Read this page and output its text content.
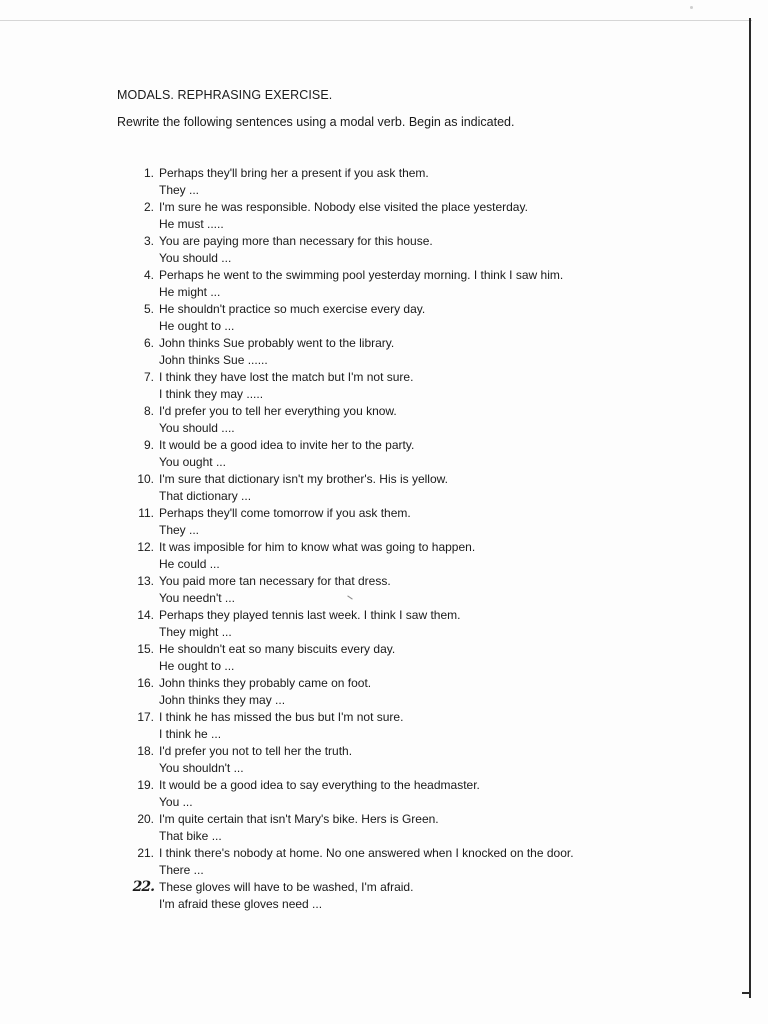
MODALS. REPHRASING EXERCISE.
Rewrite the following sentences using a modal verb. Begin as indicated.
1. Perhaps they'll bring her a present if you ask them.
They ...
2. I'm sure he was responsible. Nobody else visited the place yesterday.
He must .....
3. You are paying more than necessary for this house.
You should ...
4. Perhaps he went to the swimming pool yesterday morning. I think I saw him.
He might ...
5. He shouldn't practice so much exercise every day.
He ought to ...
6. John thinks Sue probably went to the library.
John thinks Sue ......
7. I think they have lost the match but I'm not sure.
I think they may .....
8. I'd prefer you to tell her everything you know.
You should ....
9. It would be a good idea to invite her to the party.
You ought ...
10. I'm sure that dictionary isn't my brother's. His is yellow.
That dictionary ...
11. Perhaps they'll come tomorrow if you ask them.
They ...
12. It was imposible for him to know what was going to happen.
He could ...
13. You paid more tan necessary for that dress.
You needn't ...
14. Perhaps they played tennis last week. I think I saw them.
They might ...
15. He shouldn't eat so many biscuits every day.
He ought to ...
16. John thinks they probably came on foot.
John thinks they may ...
17. I think he has missed the bus but I'm not sure.
I think he ...
18. I'd prefer you not to tell her the truth.
You shouldn't ...
19. It would be a good idea to say everything to the headmaster.
You ...
20. I'm quite certain that isn't Mary's bike. Hers is Green.
That bike ...
21. I think there's nobody at home. No one answered when I knocked on the door.
There ...
22. These gloves will have to be washed, I'm afraid.
I'm afraid these gloves need ...
